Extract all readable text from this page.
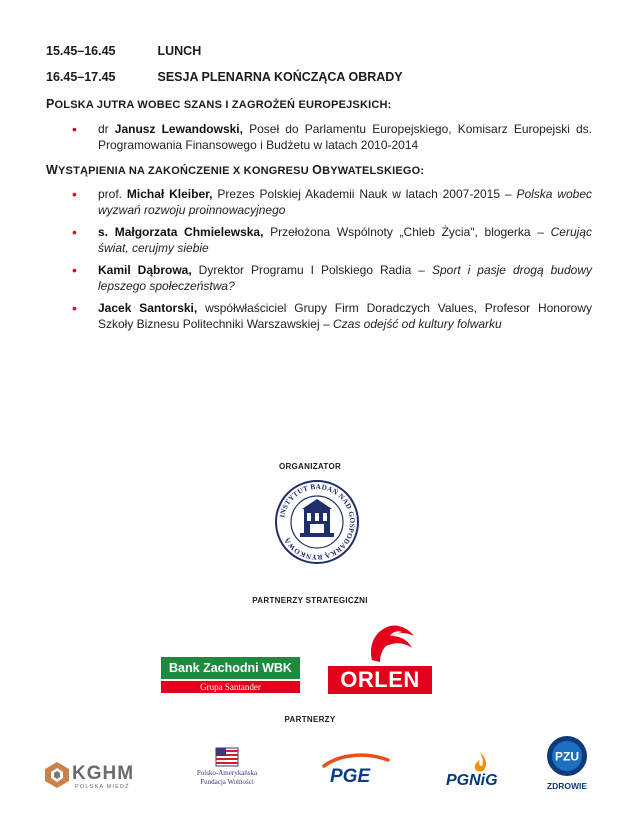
15.45–16.45	LUNCH
16.45–17.45	SESJA PLENARNA KOŃCZĄCA OBRADY
POLSKA JUTRA WOBEC SZANS I ZAGROŻEŃ EUROPEJSKICH:
• dr Janusz Lewandowski, Poseł do Parlamentu Europejskiego, Komisarz Europejski ds. Programowania Finansowego i Budżetu w latach 2010-2014
WYSTĄPIENIA NA ZAKOŃCZENIE X KONGRESU OBYWATELSKIEGO:
• prof. Michał Kleiber, Prezes Polskiej Akademii Nauk w latach 2007-2015 – Polska wobec wyzwań rozwoju proinnowacyjnego
• s. Małgorzata Chmielewska, Przełożona Wspólnoty „Chleb Życia", blogerka – Cerując świat, cerujmy siebie
• Kamil Dąbrowa, Dyrektor Programu I Polskiego Radia – Sport i pasje drogą budowy lepszego społeczeństwa?
• Jacek Santorski, współwłaściciel Grupy Firm Doradczych Values, Profesor Honorowy Szkoły Biznesu Politechniki Warszawskiej – Czas odejść od kultury folwarku
ORGANIZATOR
INSTYTUT BADAŃ NAD GOSPODARKĄ RYNKOWĄ
PARTNERZY STRATEGICZNI
Bank Zachodni WBK
Grupa Santander	ORLEN
PARTNERZY
KGHM
POLSKA MIEDŹ
Polsko-Amerykańska
Fundacja Wolności	PGE	PGNiG
PZU
ZDROWIE
